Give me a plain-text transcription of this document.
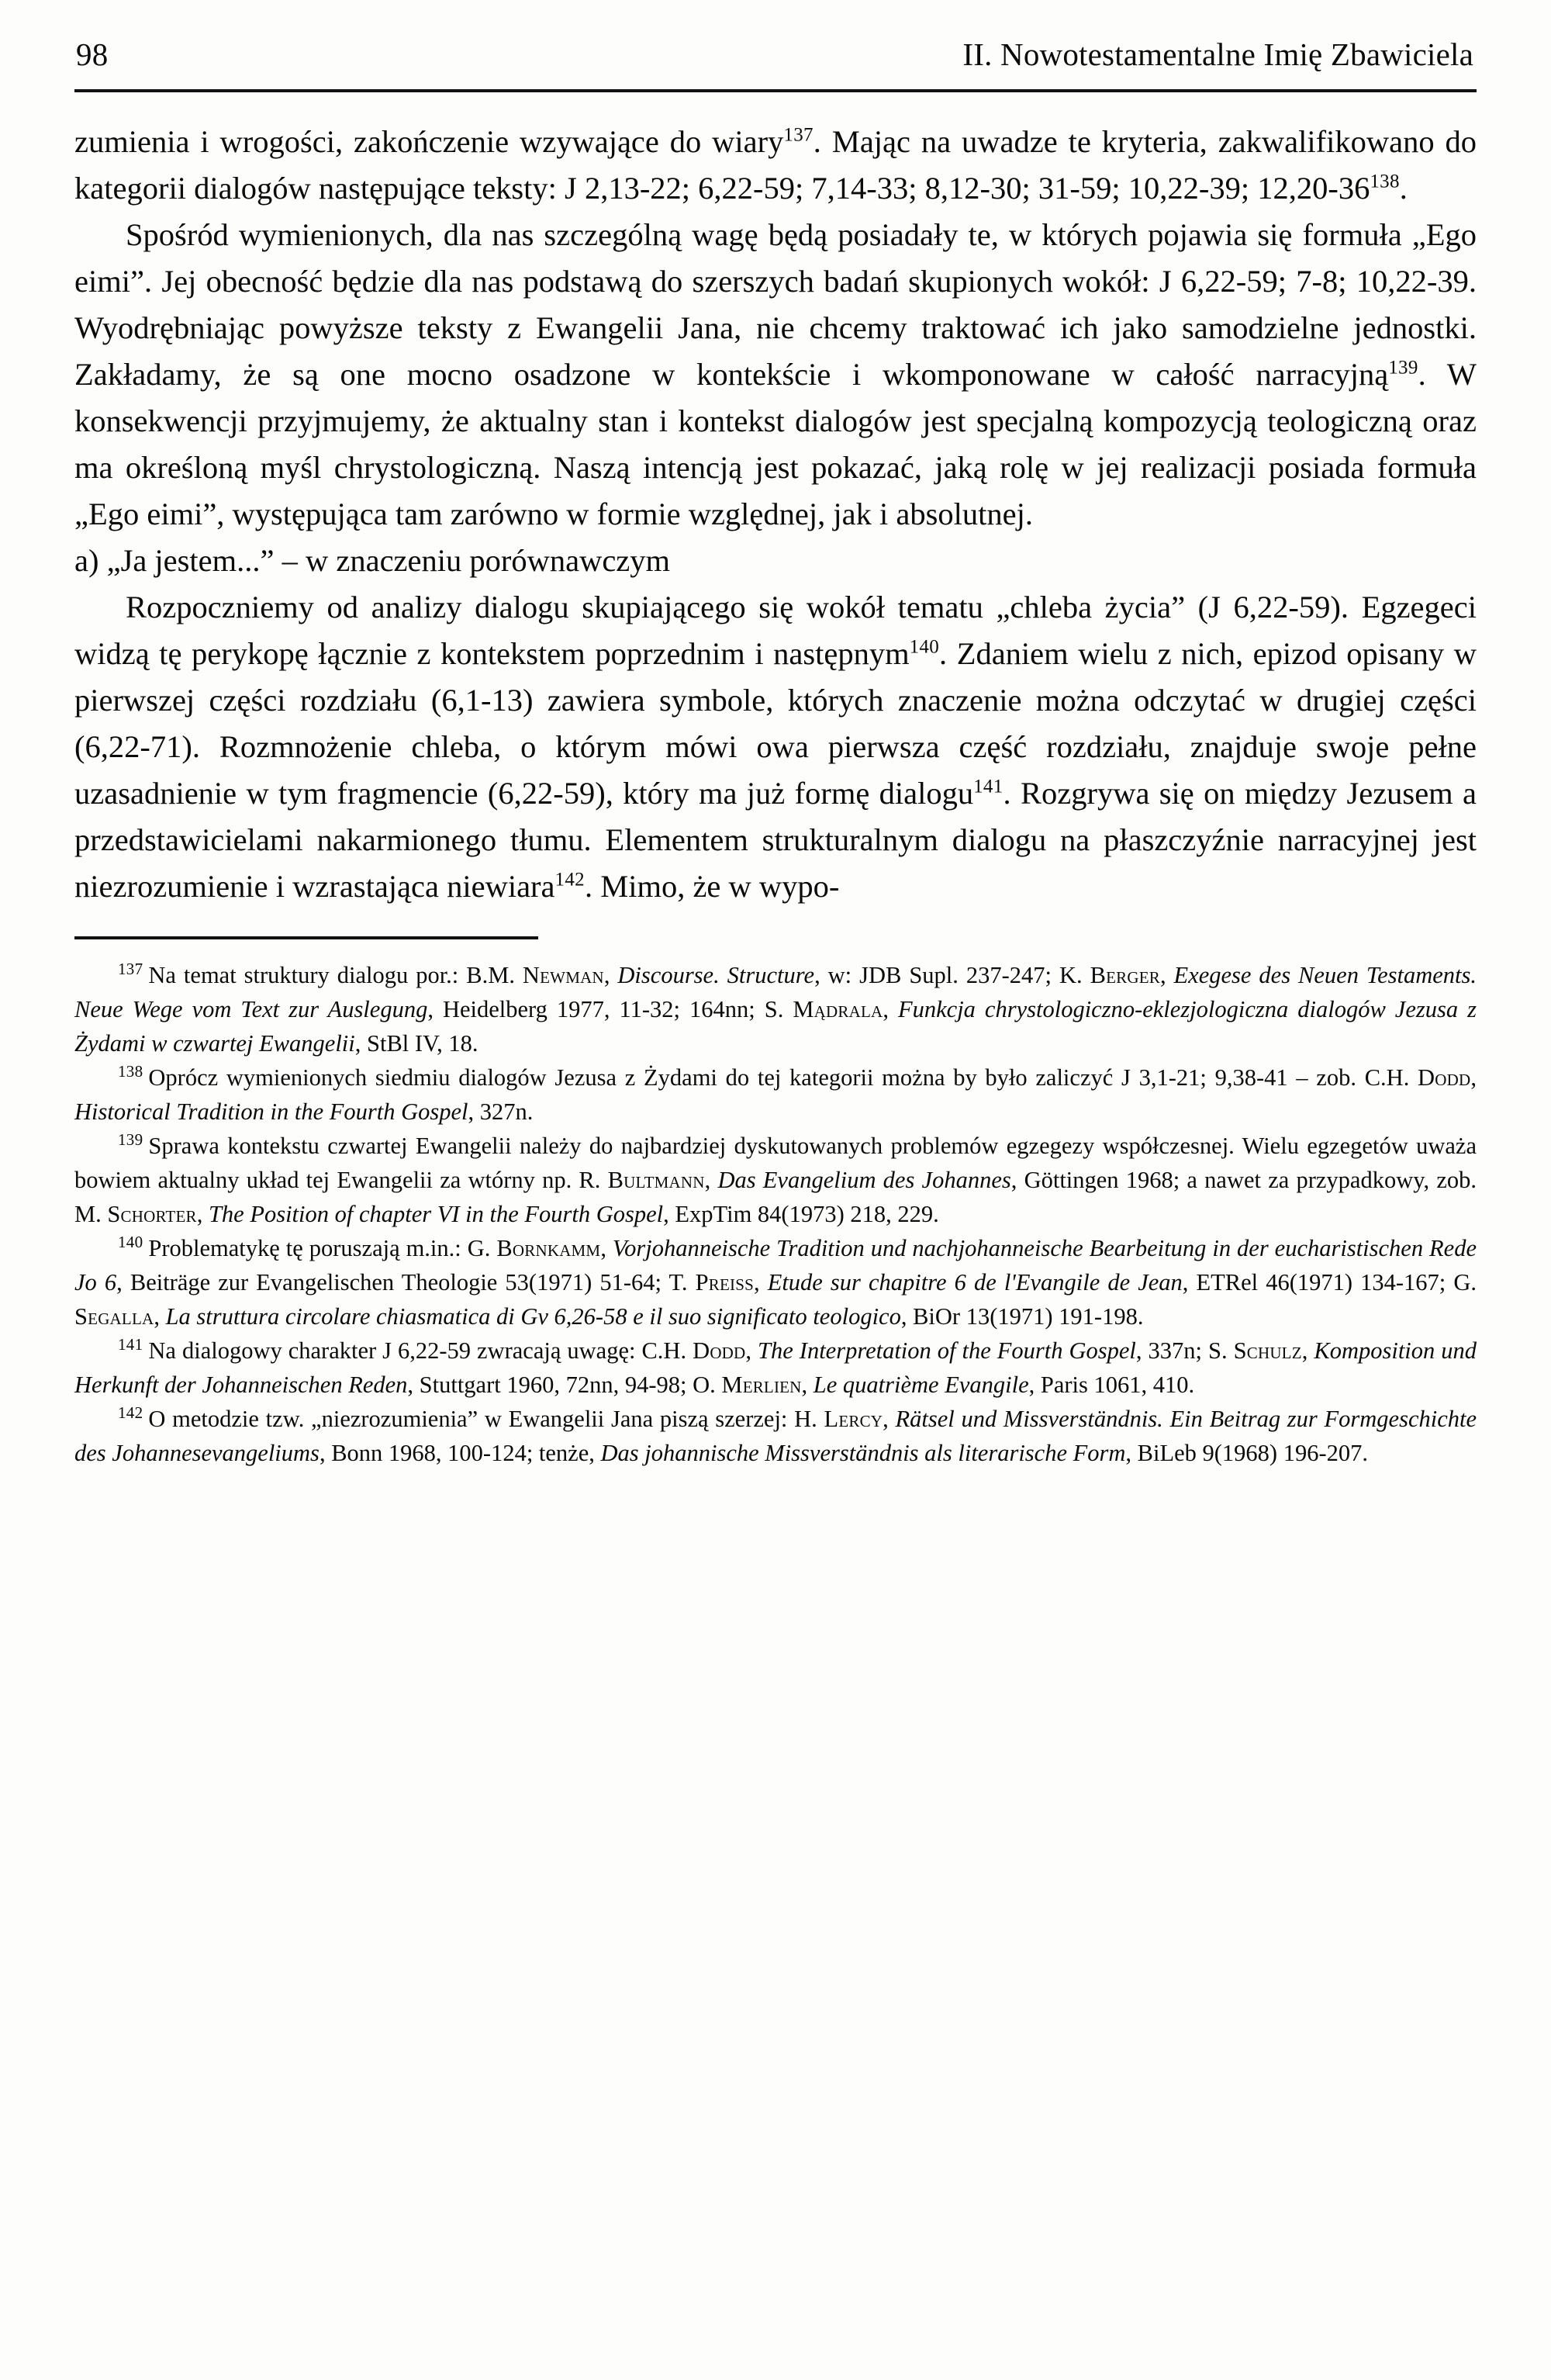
98	II. Nowotestamentalne Imię Zbawiciela

zumienia i wrogości, zakończenie wzywające do wiary$^{137}$. Mając na uwadze te kryteria, zakwalifikowano do kategorii dialogów następujące teksty: J 2,13-22; 6,22-59; 7,14-33; 8,12-30; 31-59; 10,22-39; 12,20-36$^{138}$.

Spośród wymienionych, dla nas szczególną wagę będą posiadały te, w których pojawia się formuła „Ego eimi”. Jej obecność będzie dla nas podstawą do szerszych badań skupionych wokół: J 6,22-59; 7-8; 10,22-39. Wyodrębniając powyższe teksty z Ewangelii Jana, nie chcemy traktować ich jako samodzielne jednostki. Zakładamy, że są one mocno osadzone w kontekście i wkomponowane w całość narracyjną$^{139}$. W konsekwencji przyjmujemy, że aktualny stan i kontekst dialogów jest specjalną kompozycją teologiczną oraz ma określoną myśl chrystologiczną. Naszą intencją jest pokazać, jaką rolę w jej realizacji posiada formuła „Ego eimi”, występująca tam zarówno w formie względnej, jak i absolutnej.

a) „Ja jestem...” – w znaczeniu porównawczym

Rozpoczniemy od analizy dialogu skupiającego się wokół tematu „chleba życia” (J 6,22-59). Egzegeci widzą tę perykopę łącznie z kontekstem poprzednim i następnym$^{140}$. Zdaniem wielu z nich, epizod opisany w pierwszej części rozdziału (6,1-13) zawiera symbole, których znaczenie można odczytać w drugiej części (6,22-71). Rozmnożenie chleba, o którym mówi owa pierwsza część rozdziału, znajduje swoje pełne uzasadnienie w tym fragmencie (6,22-59), który ma już formę dialogu$^{141}$. Rozgrywa się on między Jezusem a przedstawicielami nakarmionego tłumu. Elementem strukturalnym dialogu na płaszczyźnie narracyjnej jest niezrozumienie i wzrastająca niewiara$^{142}$. Mimo, że w wypo-

$^{137}$ Na temat struktury dialogu por.: B.M. Newman, Discourse. Structure, w: JDB Supl. 237-247; K. Berger, Exegese des Neuen Testaments. Neue Wege vom Text zur Auslegung, Heidelberg 1977, 11-32; 164nn; S. Mądrala, Funkcja chrystologiczno-eklezjologiczna dialogów Jezusa z Żydami w czwartej Ewangelii, StBl IV, 18.

$^{138}$ Oprócz wymienionych siedmiu dialogów Jezusa z Żydami do tej kategorii można by było zaliczyć J 3,1-21; 9,38-41 – zob. C.H. Dodd, Historical Tradition in the Fourth Gospel, 327n.

$^{139}$ Sprawa kontekstu czwartej Ewangelii należy do najbardziej dyskutowanych problemów egzegezy współczesnej. Wielu egzegetów uważa bowiem aktualny układ tej Ewangelii za wtórny np. R. Bultmann, Das Evangelium des Johannes, Göttingen 1968; a nawet za przypadkowy, zob. M. Schorter, The Position of chapter VI in the Fourth Gospel, ExpTim 84(1973) 218, 229.

$^{140}$ Problematykę tę poruszają m.in.: G. Bornkamm, Vorjohanneische Tradition und nachjohanneische Bearbeitung in der eucharistischen Rede Jo 6, Beiträge zur Evangelischen Theologie 53(1971) 51-64; T. Preiss, Etude sur chapitre 6 de l'Evangile de Jean, ETRel 46(1971) 134-167; G. Segalla, La struttura circolare chiasmatica di Gv 6,26-58 e il suo significato teologico, BiOr 13(1971) 191-198.

$^{141}$ Na dialogowy charakter J 6,22-59 zwracają uwagę: C.H. Dodd, The Interpretation of the Fourth Gospel, 337n; S. Schulz, Komposition und Herkunft der Johanneischen Reden, Stuttgart 1960, 72nn, 94-98; O. Merlien, Le quatrième Evangile, Paris 1061, 410.

$^{142}$ O metodzie tzw. „niezrozumienia” w Ewangelii Jana piszą szerzej: H. Lercy, Rätsel und Missverständnis. Ein Beitrag zur Formgeschichte des Johannesevangeliums, Bonn 1968, 100-124; tenże, Das johannische Missverständnis als literarische Form, BiLeb 9(1968) 196-207.
